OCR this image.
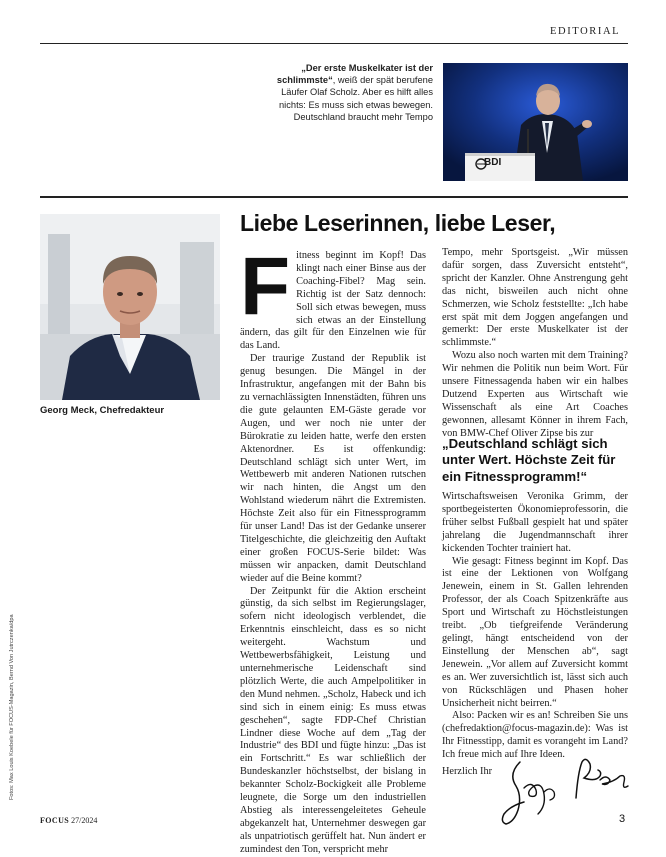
EDITORIAL
„Der erste Muskelkater ist der schlimmste“, weiß der spät berufene Läufer Olaf Scholz. Aber es hilft alles nichts: Es muss sich etwas bewegen. Deutschland braucht mehr Tempo
BDI
Georg Meck, Chefredakteur
Fotos: Max Louis Koebele für FOCUS-Magazin, Bernd Von Jutrczenka/dpa
Liebe Leserinnen, liebe Leser,

Fitness beginnt im Kopf! Das klingt nach einer Binse aus der Coaching-Fibel? Mag sein. Richtig ist der Satz dennoch: Soll sich etwas bewegen, muss sich etwas an der Einstellung ändern, das gilt für den Einzelnen wie für das Land.

Der traurige Zustand der Republik ist genug besungen. Die Mängel in der Infrastruktur, angefangen mit der Bahn bis zu vernachlässigten Innenstädten, führen uns die gute gelaunten EM-Gäste gerade vor Augen, und wer noch nie unter der Bürokratie zu leiden hatte, werfe den ersten Aktenordner. Es ist offenkundig: Deutschland schlägt sich unter Wert, im Wettbewerb mit anderen Nationen rutschen wir nach hinten, die Angst um den Wohlstand wiederum nährt die Extremisten. Höchste Zeit also für ein Fitnessprogramm für unser Land! Das ist der Gedanke unserer Titelgeschichte, die gleichzeitig den Auftakt einer großen FOCUS-Serie bildet: Was müssen wir anpacken, damit Deutschland wieder auf die Beine kommt?

Der Zeitpunkt für die Aktion erscheint günstig, da sich selbst im Regierungslager, sofern nicht ideologisch verblendet, die Erkenntnis einschleicht, dass es so nicht weitergeht. Wachstum und Wettbewerbsfähigkeit, Leistung und unternehmerische Leidenschaft sind plötzlich Werte, die auch Ampelpolitiker in den Mund nehmen. „Scholz, Habeck und ich sind sich in einem einig: Es muss etwas geschehen“, sagte FDP-Chef Christian Lindner diese Woche auf dem „Tag der Industrie“ des BDI und fügte hinzu: „Das ist ein Fortschritt.“ Es war schließlich der Bundeskanzler höchstselbst, der bislang in bekannter Scholz-Bockigkeit alle Probleme leugnete, die Sorge um den industriellen Abstieg als interessengeleitetes Geheule abgekanzelt hat, Unternehmer deswegen gar als unpatriotisch gerüffelt hat. Nun ändert er zumindest den Ton, verspricht mehr

Tempo, mehr Sportsgeist. „Wir müssen dafür sorgen, dass Zuversicht entsteht“, spricht der Kanzler. Ohne Anstrengung geht das nicht, bisweilen auch nicht ohne Schmerzen, wie Scholz feststellte: „Ich habe erst spät mit dem Joggen angefangen und gemerkt: Der erste Muskelkater ist der schlimmste.“

Wozu also noch warten mit dem Training? Wir nehmen die Politik nun beim Wort. Für unsere Fitnessagenda haben wir ein halbes Dutzend Experten aus Wirtschaft wie Wissenschaft als eine Art Coaches gewonnen, allesamt Könner in ihrem Fach, von BMW-Chef Oliver Zipse bis zur

„Deutschland schlägt sich unter Wert. Höchste Zeit für ein Fitnessprogramm!“

Wirtschaftsweisen Veronika Grimm, der sportbegeisterten Ökonomieprofessorin, die früher selbst Fußball gespielt hat und später jahrelang die Jugendmannschaft ihrer kickenden Tochter trainiert hat.

Wie gesagt: Fitness beginnt im Kopf. Das ist eine der Lektionen von Wolfgang Jenewein, einem in St. Gallen lehrenden Professor, der als Coach Spitzenkräfte aus Sport und Wirtschaft zu Höchstleistungen treibt. „Ob tiefgreifende Veränderung gelingt, hängt entscheidend von der Einstellung der Menschen ab“, sagt Jenewein. „Vor allem auf Zuversicht kommt es an. Wer zuversichtlich ist, lässt sich auch von Rückschlägen und Phasen hoher Unsicherheit nicht beirren.“

Also: Packen wir es an! Schreiben Sie uns (chefredaktion@focus-magazin.de): Was ist Ihr Fitnesstipp, damit es vorangeht im Land? Ich freue mich auf Ihre Ideen.

Herzlich Ihr
FOCUS 27/2024	3
